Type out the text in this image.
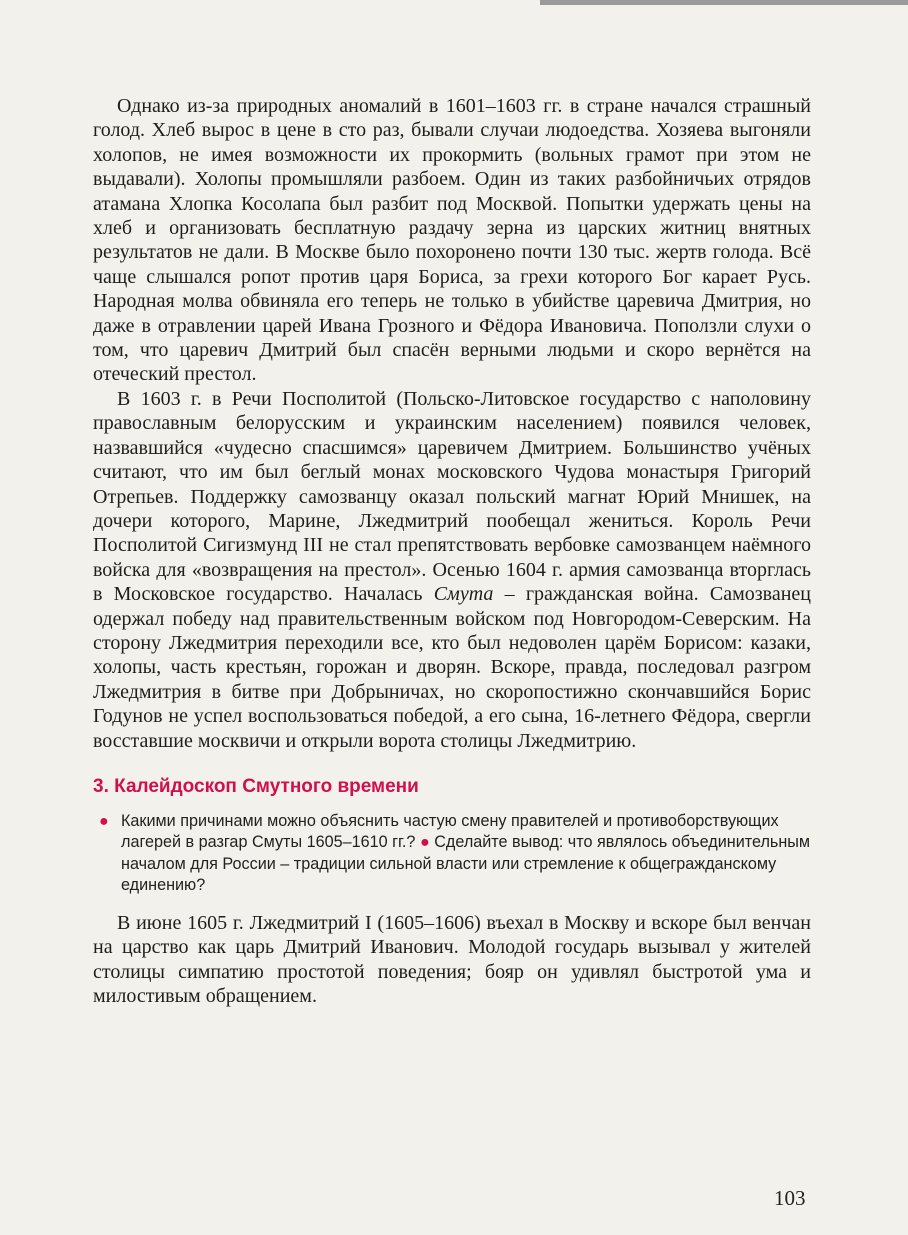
Однако из-за природных аномалий в 1601–1603 гг. в стране начался страшный голод. Хлеб вырос в цене в сто раз, бывали случаи людоедства. Хозяева выгоняли холопов, не имея возможности их прокормить (вольных грамот при этом не выдавали). Холопы промышляли разбоем. Один из таких разбойничьих отрядов атамана Хлопка Косолапа был разбит под Москвой. Попытки удержать цены на хлеб и организовать бесплатную раздачу зерна из царских житниц внятных результатов не дали. В Москве было похоронено почти 130 тыс. жертв голода. Всё чаще слышался ропот против царя Бориса, за грехи которого Бог карает Русь. Народная молва обвиняла его теперь не только в убийстве царевича Дмитрия, но даже в отравлении царей Ивана Грозного и Фёдора Ивановича. Поползли слухи о том, что царевич Дмитрий был спасён верными людьми и скоро вернётся на отеческий престол.

В 1603 г. в Речи Посполитой (Польско-Литовское государство с наполовину православным белорусским и украинским населением) появился человек, назвавшийся «чудесно спасшимся» царевичем Дмитрием. Большинство учёных считают, что им был беглый монах московского Чудова монастыря Григорий Отрепьев. Поддержку самозванцу оказал польский магнат Юрий Мнишек, на дочери которого, Марине, Лжедмитрий пообещал жениться. Король Речи Посполитой Сигизмунд III не стал препятствовать вербовке самозванцем наёмного войска для «возвращения на престол». Осенью 1604 г. армия самозванца вторглась в Московское государство. Началась Смута – гражданская война. Самозванец одержал победу над правительственным войском под Новгородом-Северским. На сторону Лжедмитрия переходили все, кто был недоволен царём Борисом: казаки, холопы, часть крестьян, горожан и дворян. Вскоре, правда, последовал разгром Лжедмитрия в битве при Добрыничах, но скоропостижно скончавшийся Борис Годунов не успел воспользоваться победой, а его сына, 16-летнего Фёдора, свергли восставшие москвичи и открыли ворота столицы Лжедмитрию.

3. Калейдоскоп Смутного времени
● Какими причинами можно объяснить частую смену правителей и противоборствующих лагерей в разгар Смуты 1605–1610 гг.? ● Сделайте вывод: что являлось объединительным началом для России – традиции сильной власти или стремление к общегражданскому единению?

В июне 1605 г. Лжедмитрий I (1605–1606) въехал в Москву и вскоре был венчан на царство как царь Дмитрий Иванович. Молодой государь вызывал у жителей столицы симпатию простотой поведения; бояр он удивлял быстротой ума и милостивым обращением.

103
